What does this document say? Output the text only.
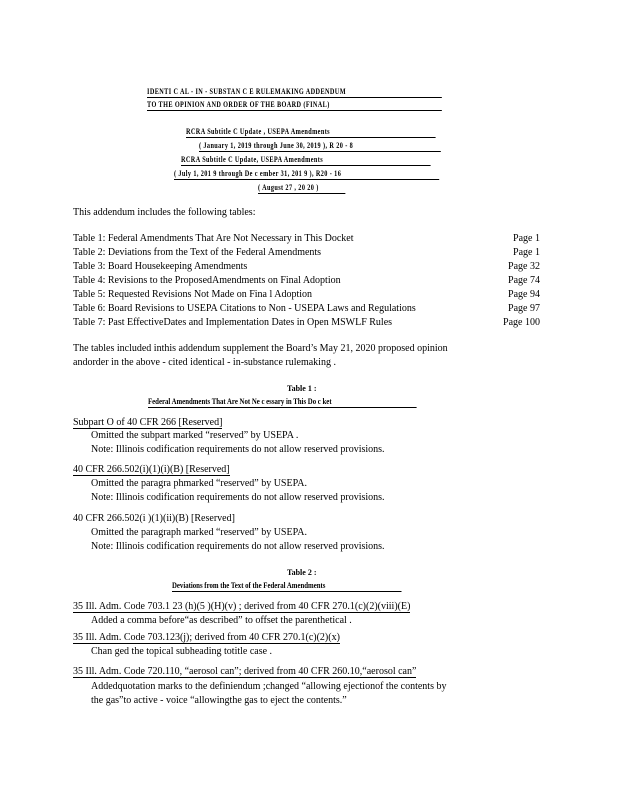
IDENTI C AL - IN - SUBSTAN C E RULEMAKING ADDENDUM
TO THE OPINION AND ORDER OF THE BOARD (FINAL)
RCRA Subtitle C Update , USEPA Amendments
( January 1, 2019 through June 30, 2019 ), R 20 - 8
RCRA Subtitle C Update, USEPA Amendments
( July 1, 201 9 through De c ember 31, 201 9 ), R20 - 16
( August 27 , 20 20 )
This addendum includes the following tables:
Table 1: Federal Amendments That Are Not Necessary in This Docket	Page 1
Table 2: Deviations from the Text of the Federal Amendments	Page 1
Table 3: Board Housekeeping Amendments	Page 32
Table 4: Revisions to the ProposedAmendments on Final Adoption	Page 74
Table 5: Requested Revisions Not Made on Fina l Adoption	Page 94
Table 6: Board Revisions to USEPA Citations to Non - USEPA Laws and Regulations	Page 97
Table 7: Past EffectiveDates and Implementation Dates in Open MSWLF Rules	Page 100
The tables included inthis addendum supplement the Board’s May 21, 2020 proposed opinion
andorder in the above - cited identical - in-substance rulemaking .
Table 1 :
Federal Amendments That Are Not Ne c essary in This Do c ket
Subpart O of 40 CFR 266 [Reserved]
Omitted the subpart marked “reserved” by USEPA .
Note: Illinois codification requirements do not allow reserved provisions.
40 CFR 266.502(i)(1)(i)(B) [Reserved]
Omitted the paragra phmarked “reserved” by USEPA.
Note: Illinois codification requirements do not allow reserved provisions.
40 CFR 266.502(i )(1)(ii)(B) [Reserved]
Omitted the paragraph marked “reserved” by USEPA.
Note: Illinois codification requirements do not allow reserved provisions.
Table 2 :
Deviations from the Text of the Federal Amendments
35 Ill. Adm. Code 703.1 23 (h)(5 )(H)(v) ; derived from 40 CFR 270.1(c)(2)(viii)(E)
Added a comma before“as described” to offset the parenthetical .
35 Ill. Adm. Code 703.123(j); derived from 40 CFR 270.1(c)(2)(x)
Chan ged the topical subheading totitle case .
35 Ill. Adm. Code 720.110, “aerosol can”; derived from 40 CFR 260.10,“aerosol can”
Addedquotation marks to the definiendum ;changed “allowing ejectionof the contents by
the gas”to active - voice “allowingthe gas to eject the contents.”
